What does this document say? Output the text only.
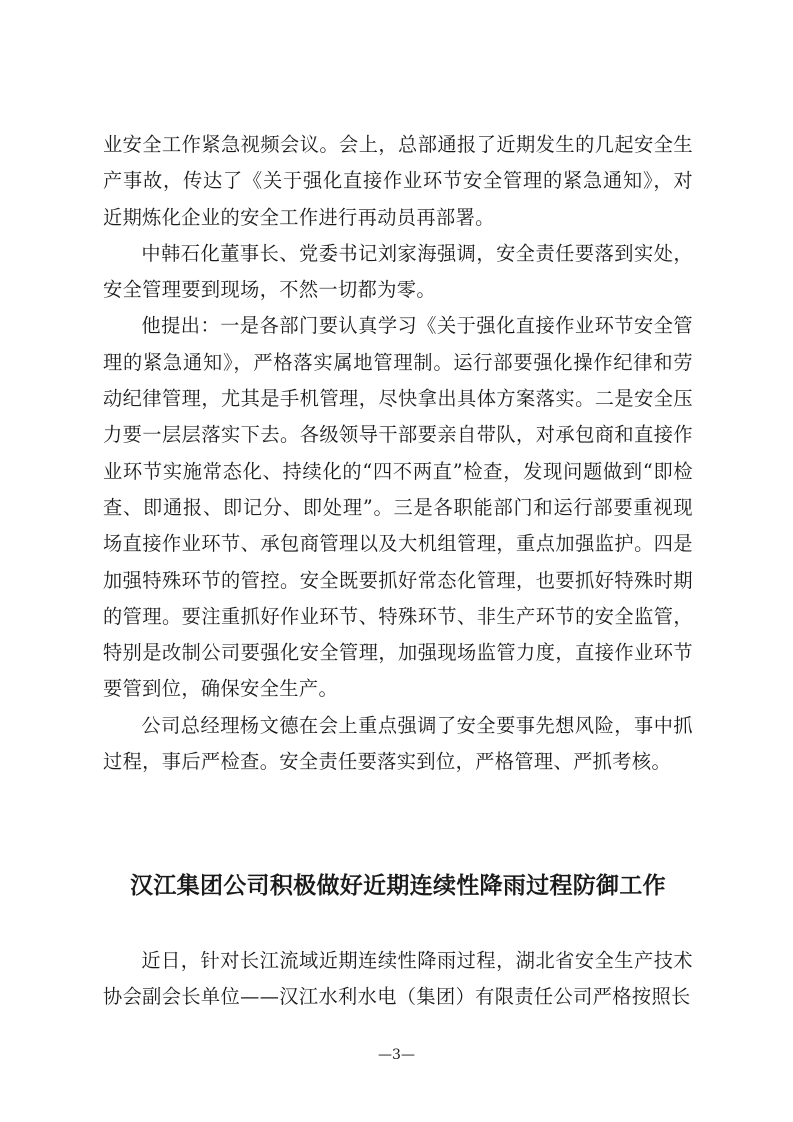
业安全工作紧急视频会议。会上，总部通报了近期发生的几起安全生产事故，传达了《关于强化直接作业环节安全管理的紧急通知》，对近期炼化企业的安全工作进行再动员再部署。

中韩石化董事长、党委书记刘家海强调，安全责任要落到实处，安全管理要到现场，不然一切都为零。

他提出：一是各部门要认真学习《关于强化直接作业环节安全管理的紧急通知》，严格落实属地管理制。运行部要强化操作纪律和劳动纪律管理，尤其是手机管理，尽快拿出具体方案落实。二是安全压力要一层层落实下去。各级领导干部要亲自带队，对承包商和直接作业环节实施常态化、持续化的“四不两直”检查，发现问题做到“即检查、即通报、即记分、即处理”。三是各职能部门和运行部要重视现场直接作业环节、承包商管理以及大机组管理，重点加强监护。四是加强特殊环节的管控。安全既要抓好常态化管理，也要抓好特殊时期的管理。要注重抓好作业环节、特殊环节、非生产环节的安全监管，特别是改制公司要强化安全管理，加强现场监管力度，直接作业环节要管到位，确保安全生产。

公司总经理杨文德在会上重点强调了安全要事先想风险，事中抓过程，事后严检查。安全责任要落实到位，严格管理、严抓考核。

汉江集团公司积极做好近期连续性降雨过程防御工作

近日，针对长江流域近期连续性降雨过程，湖北省安全生产技术协会副会长单位——汉江水利水电（集团）有限责任公司严格按照长

—3—
